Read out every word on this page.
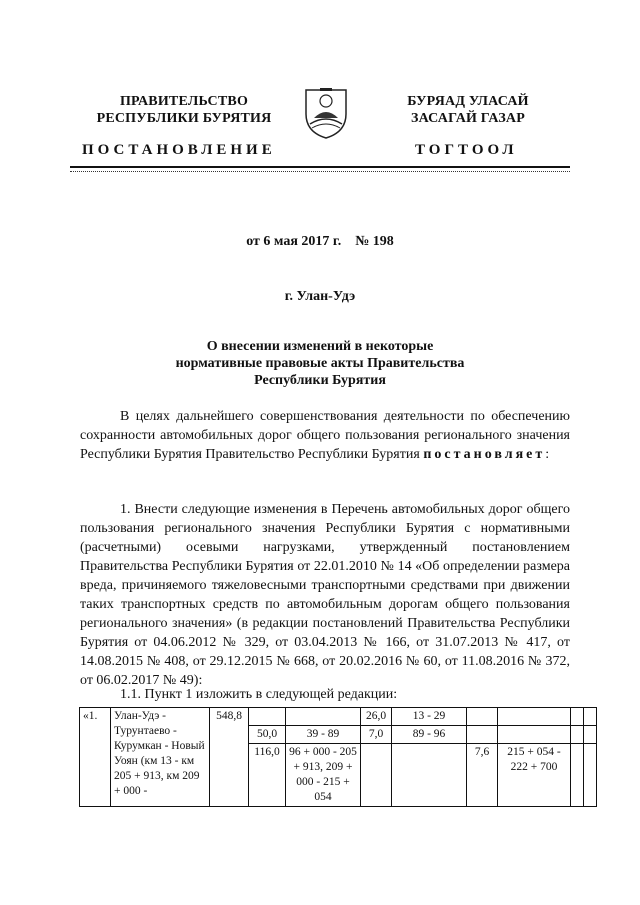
ПРАВИТЕЛЬСТВО
РЕСПУБЛИКИ БУРЯТИЯ
БУРЯАД УЛАСАЙ
ЗАСАГАЙ ГАЗАР
ПОСТАНОВЛЕНИЕ	ТОГТООЛ
от 6 мая 2017 г.    № 198
г. Улан-Удэ
О внесении изменений в некоторые
нормативные правовые акты Правительства
Республики Бурятия
В целях дальнейшего совершенствования деятельности по обеспечению сохранности автомобильных дорог общего пользования регионального значения Республики Бурятия Правительство Республики Бурятия постановляет:
1. Внести следующие изменения в Перечень автомобильных дорог общего пользования регионального значения Республики Бурятия с нормативными (расчетными) осевыми нагрузками, утвержденный постановлением Правительства Республики Бурятия от 22.01.2010 № 14 «Об определении размера вреда, причиняемого тяжеловесными транспортными средствами при движении таких транспортных средств по автомобильным дорогам общего пользования регионального значения» (в редакции постановлений Правительства Республики Бурятия от 04.06.2012 № 329, от 03.04.2013 № 166, от 31.07.2013 № 417, от 14.08.2015 № 408, от 29.12.2015 № 668, от 20.02.2016 № 60, от 11.08.2016 № 372, от 06.02.2017 № 49):
1.1. Пункт 1 изложить в следующей редакции:
«1.	Улан-Удэ - Турунтаево - Курумкан - Новый Уоян (км 13 - км 205 + 913, км 209 + 000 -	548,8			26,0	13 - 29				
			50,0	39 - 89	7,0	89 - 96				
			116,0	96 + 000 - 205 + 913, 209 + 000 - 215 + 054			7,6	215 + 054 - 222 + 700		
